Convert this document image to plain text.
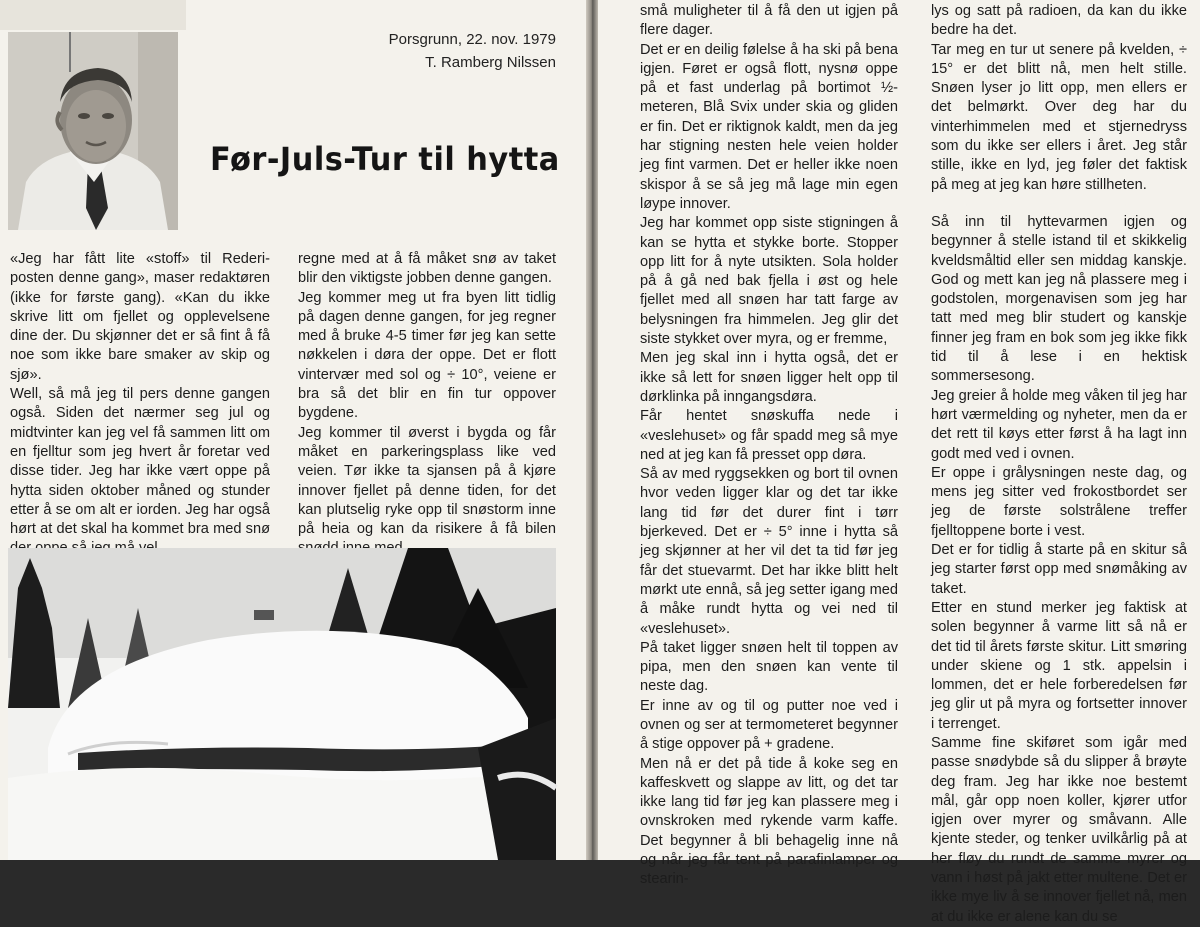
Porsgrunn, 22. nov. 1979
T. Ramberg Nilssen
Før-Juls-Tur til hytta

«Jeg har fått lite «stoff» til Rederi-posten denne gang», maser redaktøren (ikke for første gang). «Kan du ikke skrive litt om fjellet og opplevelsene dine der. Du skjønner det er så fint å få noe som ikke bare smaker av skip og sjø».

Well, så må jeg til pers denne gangen også. Siden det nærmer seg jul og midtvinter kan jeg vel få sammen litt om en fjelltur som jeg hvert år foretar ved disse tider. Jeg har ikke vært oppe på hytta siden oktober måned og stunder etter å se om alt er iorden. Jeg har også hørt at det skal ha kommet bra med snø

regne med at å få måket snø av taket blir den viktigste jobben denne gangen.

Jeg kommer meg ut fra byen litt tidlig på dagen denne gangen, for jeg regner med å bruke 4-5 timer før jeg kan sette nøkkelen i døra der oppe. Det er flott vintervær med sol og ÷ 10°, veiene er bra så det blir en fin tur oppover bygdene.

Jeg kommer til øverst i bygda og får måket en parkeringsplass like ved veien. Tør ikke ta sjansen på å kjøre innover fjellet på denne tiden, for det kan plutselig ryke opp til snøstorm inne på heia og kan da risikere å få bilen

små muligheter til å få den ut igjen på flere dager.

Det er en deilig følelse å ha ski på bena igjen. Føret er også flott, nysnø oppe på et fast underlag på bortimot ½-meteren, Blå Svix under skia og gliden er fin. Det er riktignok kaldt, men da jeg har stigning nesten hele veien holder jeg fint varmen. Det er heller ikke noen skispor å se så jeg må lage min egen løype innover.

Jeg har kommet opp siste stigningen å kan se hytta et stykke borte. Stopper opp litt for å nyte utsikten. Sola holder på å gå ned bak fjella i øst og hele fjellet med all snøen har tatt farge av belysningen fra himmelen. Jeg glir det siste stykket over myra, og er fremme,

Men jeg skal inn i hytta også, det er ikke så lett for snøen ligger helt opp til dørklinka på inngangsdøra.

Får hentet snøskuffa nede i «veslehuset» og får spadd meg så mye ned at jeg kan få presset opp døra.

Så av med ryggsekken og bort til ovnen hvor veden ligger klar og det tar ikke lang tid før det durer fint i tørr bjerkeved. Det er ÷ 5° inne i hytta så jeg skjønner at her vil det ta tid før jeg får det stuevarmt. Det har ikke blitt helt mørkt ute ennå, så jeg setter igang med å måke rundt hytta og vei ned til «veslehuset».

På taket ligger snøen helt til toppen av pipa, men den snøen kan vente til neste dag.

Er inne av og til og putter noe ved i ovnen og ser at termometeret begynner å stige oppover på + gradene.

Men nå er det på tide å koke seg en kaffeskvett og slappe av litt, og det tar ikke lang tid før jeg kan plassere meg i ovnskroken med rykende varm kaffe. Det begynner å bli behagelig inne nå og når jeg får tent på parafinlamper og stearin-

lys og satt på radioen, da kan du ikke bedre ha det.

Tar meg en tur ut senere på kvelden, ÷ 15° er det blitt nå, men helt stille. Snøen lyser jo litt opp, men ellers er det belmørkt. Over deg har du vinterhimmelen med et stjernedryss som du ikke ser ellers i året. Jeg står stille, ikke en lyd, jeg føler det faktisk på meg at jeg kan høre stillheten.

Så inn til hyttevarmen igjen og begynner å stelle istand til et skikkelig kveldsmåltid eller sen middag kanskje. God og mett kan jeg nå plassere meg i godstolen, morgenavisen som jeg har tatt med meg blir studert og kanskje finner jeg fram en bok som jeg ikke fikk tid til å lese i en hektisk sommersesong.

Jeg greier å holde meg våken til jeg har hørt værmelding og nyheter, men da er det rett til køys etter først å ha lagt inn godt med ved i ovnen.

Er oppe i grålysningen neste dag, og mens jeg sitter ved frokostbordet ser jeg de første solstrålene treffer fjelltoppene borte i vest.

Det er for tidlig å starte på en skitur så jeg starter først opp med snømåking av taket.

Etter en stund merker jeg faktisk at solen begynner å varme litt så nå er det tid til årets første skitur. Litt smøring under skiene og 1 stk. appelsin i lommen, det er hele forberedelsen før jeg glir ut på myra og fortsetter innover i terrenget.

Samme fine skiføret som igår med passe snødybde så du slipper å brøyte deg fram. Jeg har ikke noe bestemt mål, går opp noen koller, kjører utfor igjen over myrer og småvann. Alle kjente steder, og tenker uvilkårlig på at her fløy du rundt de samme myrer og vann i høst på jakt etter multene. Det er ikke mye liv å se innover fjellet nå, men at du ikke er alene kan du se
